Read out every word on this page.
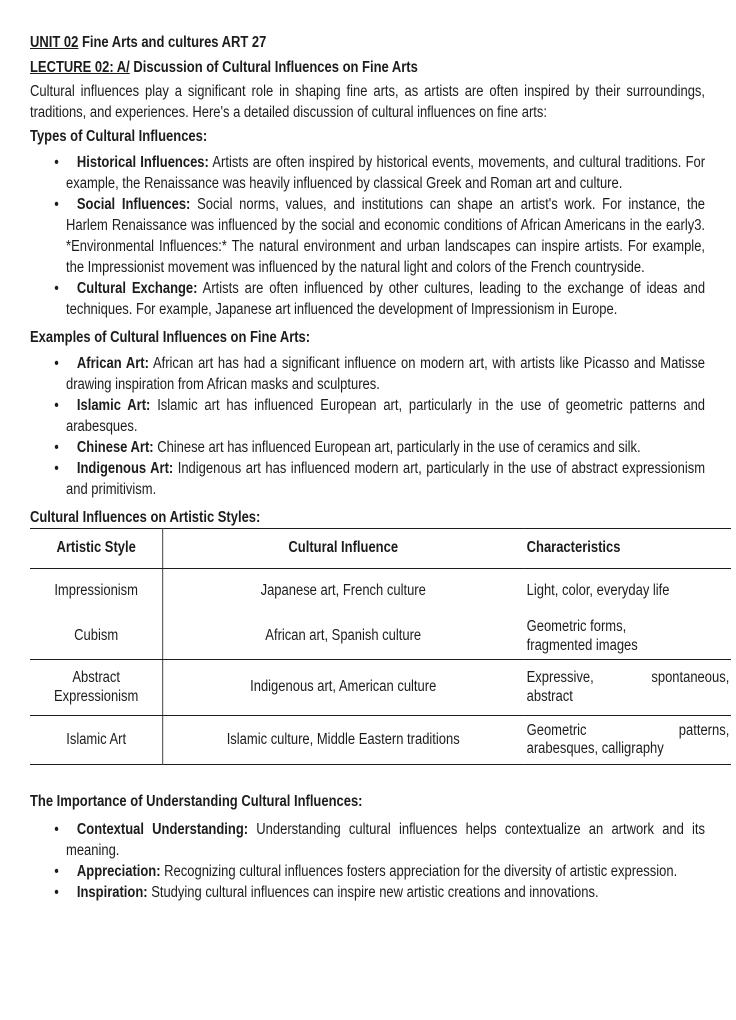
UNIT 02 Fine Arts and cultures ART 27

LECTURE 02: A/ Discussion of Cultural Influences on Fine Arts

Cultural influences play a significant role in shaping fine arts, as artists are often inspired by their surroundings, traditions, and experiences. Here's a detailed discussion of cultural influences on fine arts:

Types of Cultural Influences:
• Historical Influences: Artists are often inspired by historical events, movements, and cultural traditions. For example, the Renaissance was heavily influenced by classical Greek and Roman art and culture.
• Social Influences: Social norms, values, and institutions can shape an artist's work. For instance, the Harlem Renaissance was influenced by the social and economic conditions of African Americans in the early3. *Environmental Influences:* The natural environment and urban landscapes can inspire artists. For example, the Impressionist movement was influenced by the natural light and colors of the French countryside.
• Cultural Exchange: Artists are often influenced by other cultures, leading to the exchange of ideas and techniques. For example, Japanese art influenced the development of Impressionism in Europe.
Examples of Cultural Influences on Fine Arts:
• African Art: African art has had a significant influence on modern art, with artists like Picasso and Matisse drawing inspiration from African masks and sculptures.
• Islamic Art: Islamic art has influenced European art, particularly in the use of geometric patterns and arabesques.
• Chinese Art: Chinese art has influenced European art, particularly in the use of ceramics and silk.
• Indigenous Art: Indigenous art has influenced modern art, particularly in the use of abstract expressionism and primitivism.
Cultural Influences on Artistic Styles:
Artistic Style	Cultural Influence	Characteristics
Impressionism	Japanese art, French culture	Light, color, everyday life

Cubism	African art, Spanish culture	Geometric forms,
fragmented images

Abstract Expressionism	Indigenous art, American culture	Expressive, spontaneous,
abstract

Islamic Art	Islamic culture, Middle Eastern traditions	Geometric patterns,
arabesques, calligraphy
The Importance of Understanding Cultural Influences:
• Contextual Understanding: Understanding cultural influences helps contextualize an artwork and its meaning.
• Appreciation: Recognizing cultural influences fosters appreciation for the diversity of artistic expression.
• Inspiration: Studying cultural influences can inspire new artistic creations and innovations.
